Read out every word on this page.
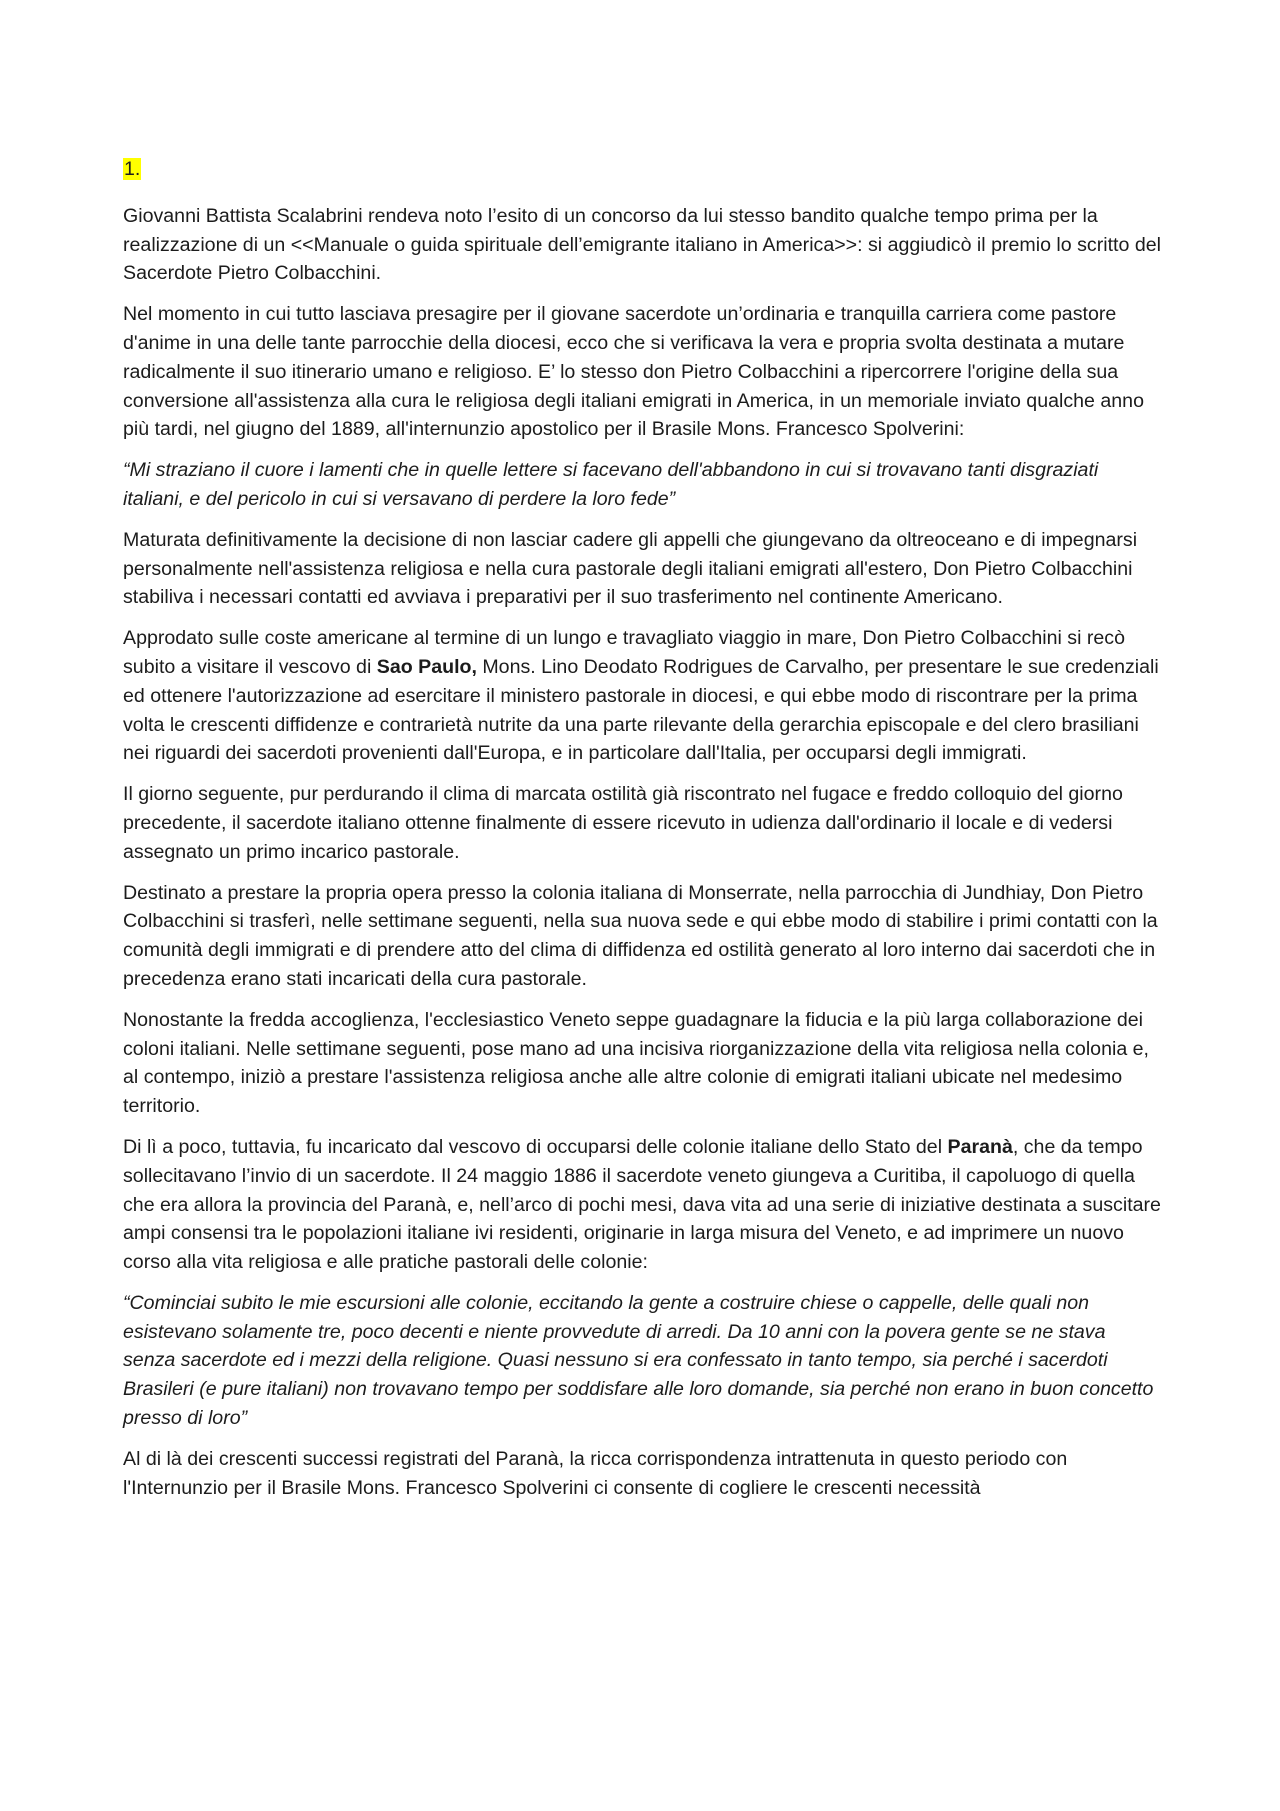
1.

Giovanni Battista Scalabrini rendeva noto l’esito di un concorso da lui stesso bandito qualche tempo prima per la realizzazione di un <<Manuale o guida spirituale dell’emigrante italiano in America>>: si aggiudicò il premio lo scritto del Sacerdote Pietro Colbacchini.

Nel momento in cui tutto lasciava presagire per il giovane sacerdote un’ordinaria e tranquilla carriera come pastore d'anime in una delle tante parrocchie della diocesi, ecco che si verificava la vera e propria svolta destinata a mutare radicalmente il suo itinerario umano e religioso. E’ lo stesso don Pietro Colbacchini a ripercorrere l'origine della sua conversione all'assistenza alla cura le religiosa degli italiani emigrati in America, in un memoriale inviato qualche anno più tardi, nel giugno del 1889, all'internunzio apostolico per il Brasile Mons. Francesco Spolverini:

“Mi straziano il cuore i lamenti che in quelle lettere si facevano dell'abbandono in cui si trovavano tanti disgraziati italiani, e del pericolo in cui si versavano di perdere la loro fede”

Maturata definitivamente la decisione di non lasciar cadere gli appelli che giungevano da oltreoceano e di impegnarsi personalmente nell'assistenza religiosa e nella cura pastorale degli italiani emigrati all'estero, Don Pietro Colbacchini stabiliva i necessari contatti ed avviava i preparativi per il suo trasferimento nel continente Americano.

Approdato sulle coste americane al termine di un lungo e travagliato viaggio in mare, Don Pietro Colbacchini si recò subito a visitare il vescovo di Sao Paulo, Mons. Lino Deodato Rodrigues de Carvalho, per presentare le sue credenziali ed ottenere l'autorizzazione ad esercitare il ministero pastorale in diocesi, e qui ebbe modo di riscontrare per la prima volta le crescenti diffidenze e contrarietà nutrite da una parte rilevante della gerarchia episcopale e del clero brasiliani nei riguardi dei sacerdoti provenienti dall'Europa, e in particolare dall'Italia, per occuparsi degli immigrati.

Il giorno seguente, pur perdurando il clima di marcata ostilità già riscontrato nel fugace e freddo colloquio del giorno precedente, il sacerdote italiano ottenne finalmente di essere ricevuto in udienza dall'ordinario il locale e di vedersi assegnato un primo incarico pastorale.

Destinato a prestare la propria opera presso la colonia italiana di Monserrate, nella parrocchia di Jundhiay, Don Pietro Colbacchini si trasferì, nelle settimane seguenti, nella sua nuova sede e qui ebbe modo di stabilire i primi contatti con la comunità degli immigrati e di prendere atto del clima di diffidenza ed ostilità generato al loro interno dai sacerdoti che in precedenza erano stati incaricati della cura pastorale.

Nonostante la fredda accoglienza, l'ecclesiastico Veneto seppe guadagnare la fiducia e la più larga collaborazione dei coloni italiani. Nelle settimane seguenti, pose mano ad una incisiva riorganizzazione della vita religiosa nella colonia e, al contempo, iniziò a prestare l'assistenza religiosa anche alle altre colonie di emigrati italiani ubicate nel medesimo territorio.

Di lì a poco, tuttavia, fu incaricato dal vescovo di occuparsi delle colonie italiane dello Stato del Paranà, che da tempo sollecitavano l’invio di un sacerdote. Il 24 maggio 1886 il sacerdote veneto giungeva a Curitiba, il capoluogo di quella che era allora la provincia del Paranà, e, nell’arco di pochi mesi, dava vita ad una serie di iniziative destinata a suscitare ampi consensi tra le popolazioni italiane ivi residenti, originarie in larga misura del Veneto, e ad imprimere un nuovo corso alla vita religiosa e alle pratiche pastorali delle colonie:

“Cominciai subito le mie escursioni alle colonie, eccitando la gente a costruire chiese o cappelle, delle quali non esistevano solamente tre, poco decenti e niente provvedute di arredi. Da 10 anni con la povera gente se ne stava senza sacerdote ed i mezzi della religione. Quasi nessuno si era confessato in tanto tempo, sia perché i sacerdoti Brasileri (e pure italiani) non trovavano tempo per soddisfare alle loro domande, sia perché non erano in buon concetto presso di loro”

Al di là dei crescenti successi registrati del Paranà, la ricca corrispondenza intrattenuta in questo periodo con l'Internunzio per il Brasile Mons. Francesco Spolverini ci consente di cogliere le crescenti necessità
